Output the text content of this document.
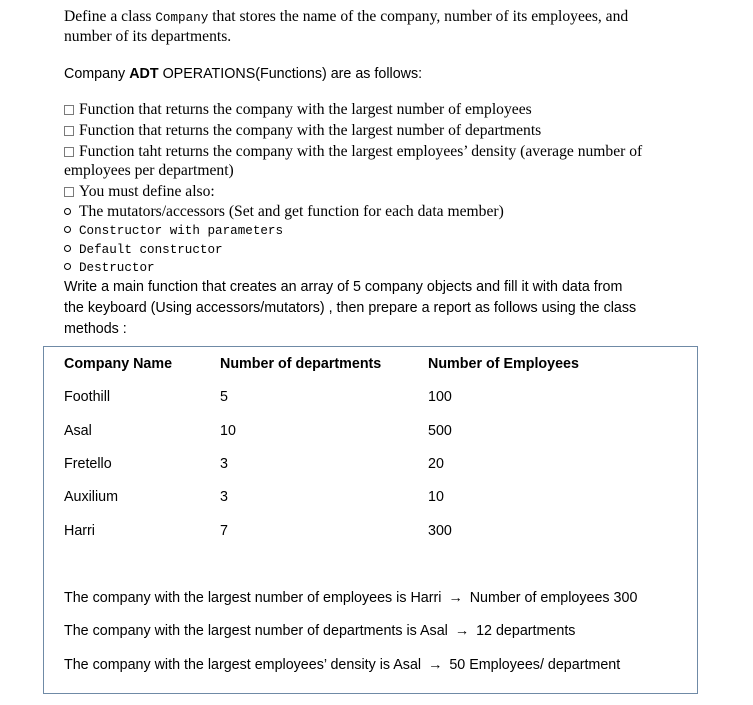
Define a class Company that stores the name of the company, number of its employees, and
number of its departments.
Company ADT OPERATIONS(Functions) are as follows:
Function that returns the company with the largest number of employees
Function that returns the company with the largest number of departments
Function taht returns the company with the largest employees’ density (average number of
employees per department)
You must define also:
The mutators/accessors (Set and get function for each data member)
Constructor with parameters
Default constructor
Destructor
Write a main function that creates an array of 5 company objects and fill it with data from
the keyboard (Using accessors/mutators) , then prepare a report as follows using the class
methods :
Company Name	Number of departments	Number of Employees
Foothill	5	100
Asal	10	500
Fretello	3	20
Auxilium	3	10
Harri	7	300
The company with the largest number of employees is Harri → Number of employees 300
The company with the largest number of departments is Asal → 12 departments
The company with the largest employees’ density is Asal → 50 Employees/ department
